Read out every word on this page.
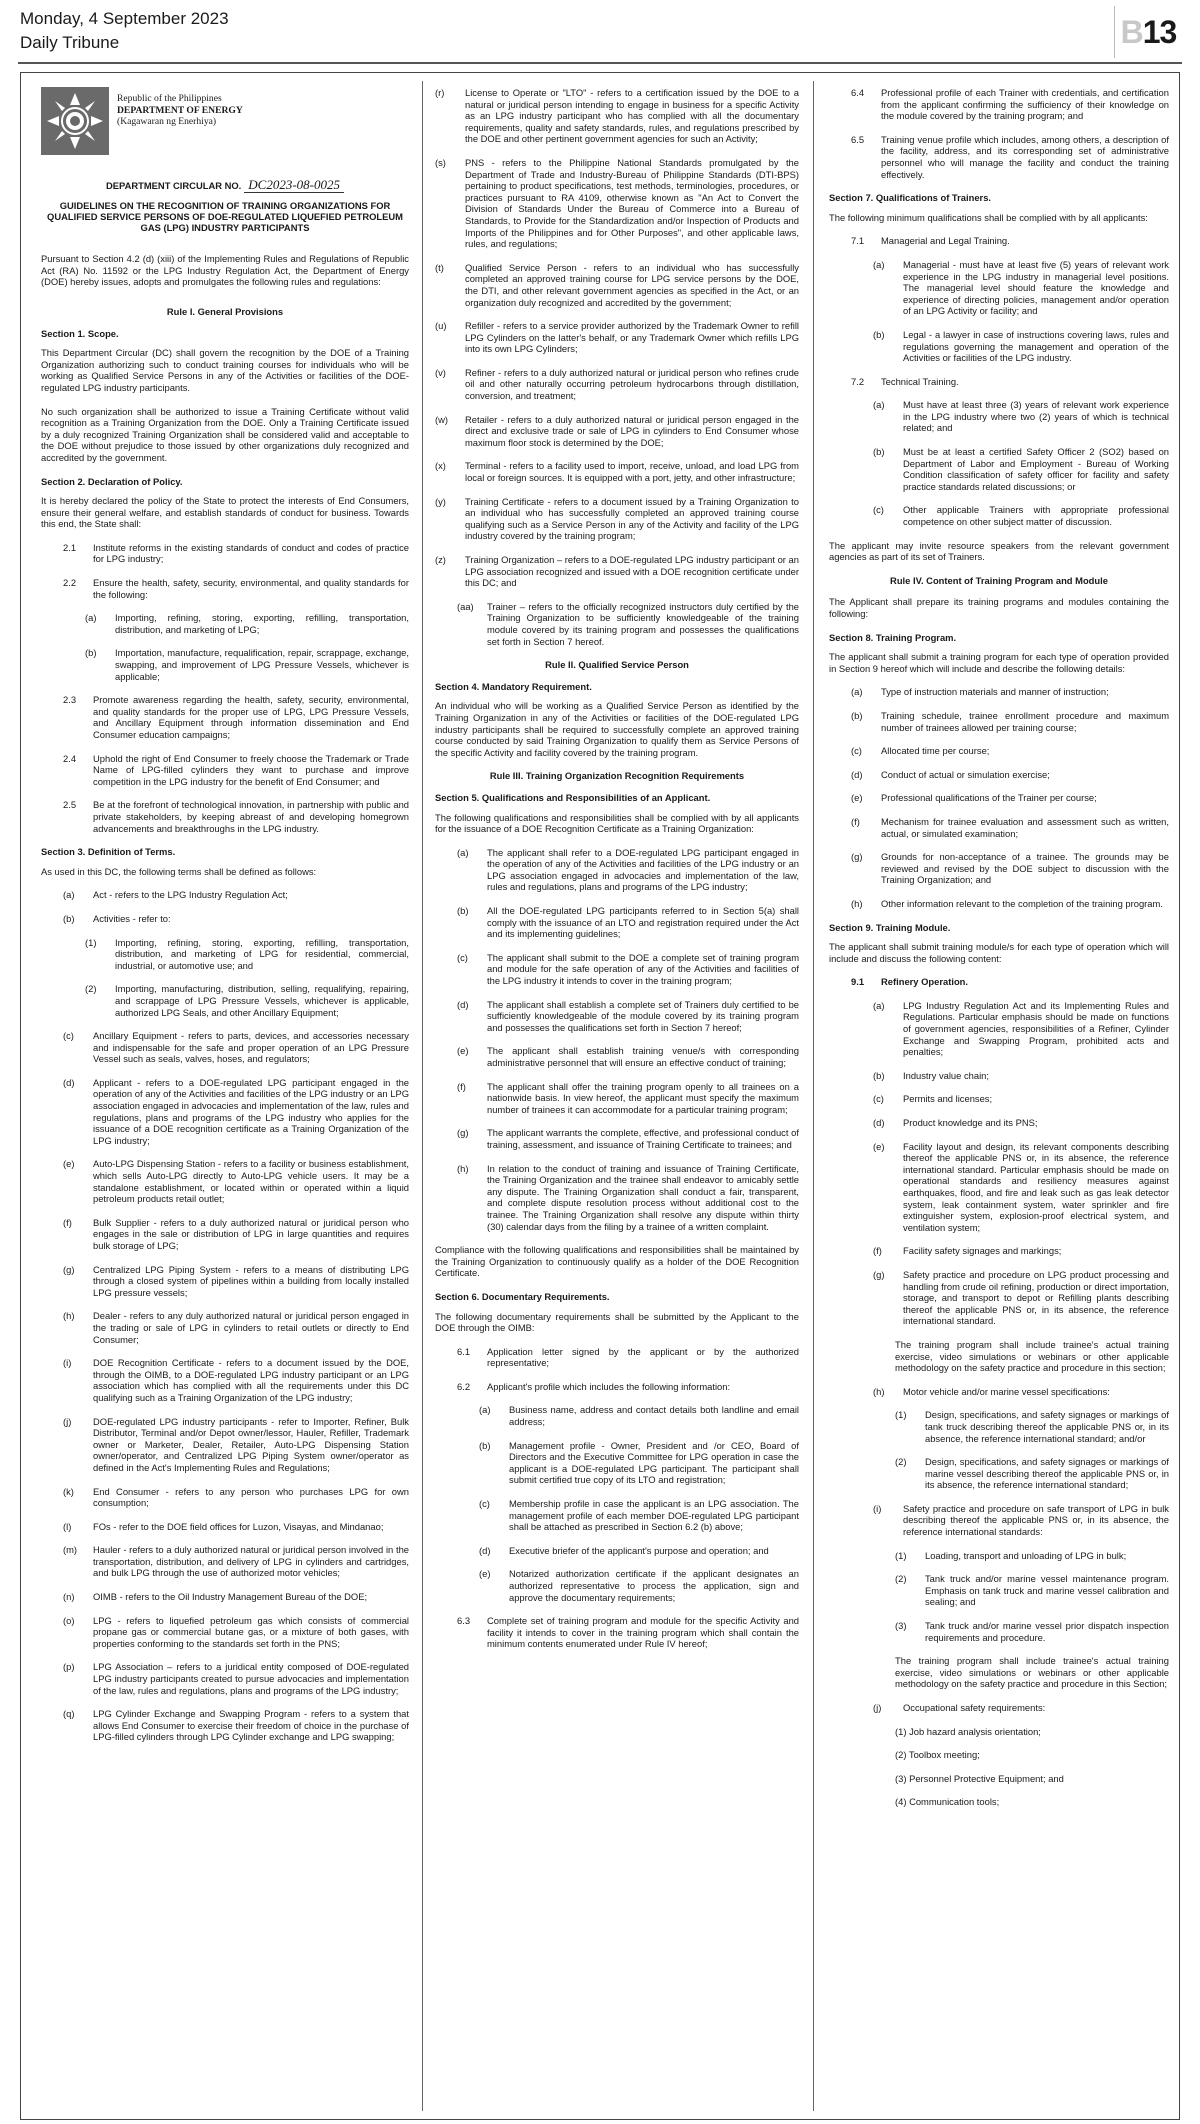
Monday, 4 September 2023
Daily Tribune	B 13
Republic of the Philippines
DEPARTMENT OF ENERGY
(Kagawaran ng Enerhiya)
DEPARTMENT CIRCULAR NO. DC2023-08-0025
GUIDELINES ON THE RECOGNITION OF TRAINING ORGANIZATIONS FOR QUALIFIED SERVICE PERSONS OF DOE-REGULATED LIQUEFIED PETROLEUM GAS (LPG) INDUSTRY PARTICIPANTS
Pursuant to Section 4.2 (d) (xiii) of the Implementing Rules and Regulations of Republic Act (RA) No. 11592 or the LPG Industry Regulation Act, the Department of Energy (DOE) hereby issues, adopts and promulgates the following rules and regulations:
Rule I. General Provisions
Section 1. Scope.
This Department Circular (DC) shall govern the recognition by the DOE of a Training Organization authorizing such to conduct training courses for individuals who will be working as Qualified Service Persons in any of the Activities or facilities of the DOE-regulated LPG industry participants.
No such organization shall be authorized to issue a Training Certificate without valid recognition as a Training Organization from the DOE. Only a Training Certificate issued by a duly recognized Training Organization shall be considered valid and acceptable to the DOE without prejudice to those issued by other organizations duly recognized and accredited by the government.
Section 2. Declaration of Policy.
It is hereby declared the policy of the State to protect the interests of End Consumers, ensure their general welfare, and establish standards of conduct for business. Towards this end, the State shall:
2.1 Institute reforms in the existing standards of conduct and codes of practice for LPG industry;
2.2 Ensure the health, safety, security, environmental, and quality standards for the following:
(a) Importing, refining, storing, exporting, refilling, transportation, distribution, and marketing of LPG;
(b) Importation, manufacture, requalification, repair, scrappage, exchange, swapping, and improvement of LPG Pressure Vessels, whichever is applicable;
2.3 Promote awareness regarding the health, safety, security, environmental, and quality standards for the proper use of LPG, LPG Pressure Vessels, and Ancillary Equipment through information dissemination and End Consumer education campaigns;
2.4 Uphold the right of End Consumer to freely choose the Trademark or Trade Name of LPG-filled cylinders they want to purchase and improve competition in the LPG industry for the benefit of End Consumer; and
2.5 Be at the forefront of technological innovation, in partnership with public and private stakeholders, by keeping abreast of and developing homegrown advancements and breakthroughs in the LPG industry.
Section 3. Definition of Terms.
As used in this DC, the following terms shall be defined as follows:
(a) Act - refers to the LPG Industry Regulation Act;
(b) Activities - refer to:
(1) Importing, refining, storing, exporting, refilling, transportation, distribution, and marketing of LPG for residential, commercial, industrial, or automotive use; and
(2) Importing, manufacturing, distribution, selling, requalifying, repairing, and scrappage of LPG Pressure Vessels, whichever is applicable, authorized LPG Seals, and other Ancillary Equipment;
(c) Ancillary Equipment - refers to parts, devices, and accessories necessary and indispensable for the safe and proper operation of an LPG Pressure Vessel such as seals, valves, hoses, and regulators;
(d) Applicant - refers to a DOE-regulated LPG participant engaged in the operation of any of the Activities and facilities of the LPG industry or an LPG association engaged in advocacies and implementation of the law, rules and regulations, plans and programs of the LPG industry who applies for the issuance of a DOE recognition certificate as a Training Organization of the LPG industry;
(e) Auto-LPG Dispensing Station - refers to a facility or business establishment, which sells Auto-LPG directly to Auto-LPG vehicle users. It may be a standalone establishment, or located within or operated within a liquid petroleum products retail outlet;
(f) Bulk Supplier - refers to a duly authorized natural or juridical person who engages in the sale or distribution of LPG in large quantities and requires bulk storage of LPG;
(g) Centralized LPG Piping System - refers to a means of distributing LPG through a closed system of pipelines within a building from locally installed LPG pressure vessels;
(h) Dealer - refers to any duly authorized natural or juridical person engaged in the trading or sale of LPG in cylinders to retail outlets or directly to End Consumer;
(i) DOE Recognition Certificate - refers to a document issued by the DOE, through the OIMB, to a DOE-regulated LPG industry participant or an LPG association which has complied with all the requirements under this DC qualifying such as a Training Organization of the LPG industry;
(j) DOE-regulated LPG industry participants - refer to Importer, Refiner, Bulk Distributor, Terminal and/or Depot owner/lessor, Hauler, Refiller, Trademark owner or Marketer, Dealer, Retailer, Auto-LPG Dispensing Station owner/operator, and Centralized LPG Piping System owner/operator as defined in the Act's Implementing Rules and Regulations;
(k) End Consumer - refers to any person who purchases LPG for own consumption;
(l) FOs - refer to the DOE field offices for Luzon, Visayas, and Mindanao;
(m) Hauler - refers to a duly authorized natural or juridical person involved in the transportation, distribution, and delivery of LPG in cylinders and cartridges, and bulk LPG through the use of authorized motor vehicles;
(n) OIMB - refers to the Oil Industry Management Bureau of the DOE;
(o) LPG - refers to liquefied petroleum gas which consists of commercial propane gas or commercial butane gas, or a mixture of both gases, with properties conforming to the standards set forth in the PNS;
(p) LPG Association – refers to a juridical entity composed of DOE-regulated LPG industry participants created to pursue advocacies and implementation of the law, rules and regulations, plans and programs of the LPG industry;
(q) LPG Cylinder Exchange and Swapping Program - refers to a system that allows End Consumer to exercise their freedom of choice in the purchase of LPG-filled cylinders through LPG Cylinder exchange and LPG swapping;
(r) License to Operate or "LTO" - refers to a certification issued by the DOE to a natural or juridical person intending to engage in business for a specific Activity as an LPG industry participant who has complied with all the documentary requirements, quality and safety standards, rules, and regulations prescribed by the DOE and other pertinent government agencies for such an Activity;
(s) PNS - refers to the Philippine National Standards promulgated by the Department of Trade and Industry-Bureau of Philippine Standards (DTI-BPS) pertaining to product specifications, test methods, terminologies, procedures, or practices pursuant to RA 4109, otherwise known as "An Act to Convert the Division of Standards Under the Bureau of Commerce into a Bureau of Standards, to Provide for the Standardization and/or Inspection of Products and Imports of the Philippines and for Other Purposes", and other applicable laws, rules, and regulations;
(t) Qualified Service Person - refers to an individual who has successfully completed an approved training course for LPG service persons by the DOE, the DTI, and other relevant government agencies as specified in the Act, or an organization duly recognized and accredited by the government;
(u) Refiller - refers to a service provider authorized by the Trademark Owner to refill LPG Cylinders on the latter's behalf, or any Trademark Owner which refills LPG into its own LPG Cylinders;
(v) Refiner - refers to a duly authorized natural or juridical person who refines crude oil and other naturally occurring petroleum hydrocarbons through distillation, conversion, and treatment;
(w) Retailer - refers to a duly authorized natural or juridical person engaged in the direct and exclusive trade or sale of LPG in cylinders to End Consumer whose maximum floor stock is determined by the DOE;
(x) Terminal - refers to a facility used to import, receive, unload, and load LPG from local or foreign sources. It is equipped with a port, jetty, and other infrastructure;
(y) Training Certificate - refers to a document issued by a Training Organization to an individual who has successfully completed an approved training course qualifying such as a Service Person in any of the Activity and facility of the LPG industry covered by the training program;
(z) Training Organization – refers to a DOE-regulated LPG industry participant or an LPG association recognized and issued with a DOE recognition certificate under this DC; and
(aa) Trainer – refers to the officially recognized instructors duly certified by the Training Organization to be sufficiently knowledgeable of the training module covered by its training program and possesses the qualifications set forth in Section 7 hereof.
Rule II. Qualified Service Person
Section 4. Mandatory Requirement.
An individual who will be working as a Qualified Service Person as identified by the Training Organization in any of the Activities or facilities of the DOE-regulated LPG industry participants shall be required to successfully complete an approved training course conducted by said Training Organization to qualify them as Service Persons of the specific Activity and facility covered by the training program.
Rule III. Training Organization Recognition Requirements
Section 5. Qualifications and Responsibilities of an Applicant.
The following qualifications and responsibilities shall be complied with by all applicants for the issuance of a DOE Recognition Certificate as a Training Organization:
(a) The applicant shall refer to a DOE-regulated LPG participant engaged in the operation of any of the Activities and facilities of the LPG industry or an LPG association engaged in advocacies and implementation of the law, rules and regulations, plans and programs of the LPG industry;
(b) All the DOE-regulated LPG participants referred to in Section 5(a) shall comply with the issuance of an LTO and registration required under the Act and its implementing guidelines;
(c) The applicant shall submit to the DOE a complete set of training program and module for the safe operation of any of the Activities and facilities of the LPG industry it intends to cover in the training program;
(d) The applicant shall establish a complete set of Trainers duly certified to be sufficiently knowledgeable of the module covered by its training program and possesses the qualifications set forth in Section 7 hereof;
(e) The applicant shall establish training venue/s with corresponding administrative personnel that will ensure an effective conduct of training;
(f) The applicant shall offer the training program openly to all trainees on a nationwide basis. In view hereof, the applicant must specify the maximum number of trainees it can accommodate for a particular training program;
(g) The applicant warrants the complete, effective, and professional conduct of training, assessment, and issuance of Training Certificate to trainees; and
(h) In relation to the conduct of training and issuance of Training Certificate, the Training Organization and the trainee shall endeavor to amicably settle any dispute. The Training Organization shall conduct a fair, transparent, and complete dispute resolution process without additional cost to the trainee. The Training Organization shall resolve any dispute within thirty (30) calendar days from the filing by a trainee of a written complaint.
Compliance with the following qualifications and responsibilities shall be maintained by the Training Organization to continuously qualify as a holder of the DOE Recognition Certificate.
Section 6. Documentary Requirements.
The following documentary requirements shall be submitted by the Applicant to the DOE through the OIMB:
6.1 Application letter signed by the applicant or by the authorized representative;
6.2 Applicant's profile which includes the following information:
(a) Business name, address and contact details both landline and email address;
(b) Management profile - Owner, President and /or CEO, Board of Directors and the Executive Committee for LPG operation in case the applicant is a DOE-regulated LPG participant. The participant shall submit certified true copy of its LTO and registration;
(c) Membership profile in case the applicant is an LPG association. The management profile of each member DOE-regulated LPG participant shall be attached as prescribed in Section 6.2 (b) above;
(d) Executive briefer of the applicant's purpose and operation; and
(e) Notarized authorization certificate if the applicant designates an authorized representative to process the application, sign and approve the documentary requirements;
6.3 Complete set of training program and module for the specific Activity and facility it intends to cover in the training program which shall contain the minimum contents enumerated under Rule IV hereof;
6.4 Professional profile of each Trainer with credentials, and certification from the applicant confirming the sufficiency of their knowledge on the module covered by the training program; and
6.5 Training venue profile which includes, among others, a description of the facility, address, and its corresponding set of administrative personnel who will manage the facility and conduct the training effectively.
Section 7. Qualifications of Trainers.
The following minimum qualifications shall be complied with by all applicants:
7.1 Managerial and Legal Training.
(a) Managerial - must have at least five (5) years of relevant work experience in the LPG industry in managerial level positions. The managerial level should feature the knowledge and experience of directing policies, management and/or operation of an LPG Activity or facility; and
(b) Legal - a lawyer in case of instructions covering laws, rules and regulations governing the management and operation of the Activities or facilities of the LPG industry.
7.2 Technical Training.
(a) Must have at least three (3) years of relevant work experience in the LPG industry where two (2) years of which is technical related; and
(b) Must be at least a certified Safety Officer 2 (SO2) based on Department of Labor and Employment - Bureau of Working Condition classification of safety officer for facility and safety practice standards related discussions; or
(c) Other applicable Trainers with appropriate professional competence on other subject matter of discussion.
The applicant may invite resource speakers from the relevant government agencies as part of its set of Trainers.
Rule IV. Content of Training Program and Module
The Applicant shall prepare its training programs and modules containing the following:
Section 8. Training Program.
The applicant shall submit a training program for each type of operation provided in Section 9 hereof which will include and describe the following details:
(a) Type of instruction materials and manner of instruction;
(b) Training schedule, trainee enrollment procedure and maximum number of trainees allowed per training course;
(c) Allocated time per course;
(d) Conduct of actual or simulation exercise;
(e) Professional qualifications of the Trainer per course;
(f) Mechanism for trainee evaluation and assessment such as written, actual, or simulated examination;
(g) Grounds for non-acceptance of a trainee. The grounds may be reviewed and revised by the DOE subject to discussion with the Training Organization; and
(h) Other information relevant to the completion of the training program.
Section 9. Training Module.
The applicant shall submit training module/s for each type of operation which will include and discuss the following content:
9.1 Refinery Operation.
(a) LPG Industry Regulation Act and its Implementing Rules and Regulations. Particular emphasis should be made on functions of government agencies, responsibilities of a Refiner, Cylinder Exchange and Swapping Program, prohibited acts and penalties;
(b) Industry value chain;
(c) Permits and licenses;
(d) Product knowledge and its PNS;
(e) Facility layout and design, its relevant components describing thereof the applicable PNS or, in its absence, the reference international standard. Particular emphasis should be made on operational standards and resiliency measures against earthquakes, flood, and fire and leak such as gas leak detector system, leak containment system, water sprinkler and fire extinguisher system, explosion-proof electrical system, and ventilation system;
(f) Facility safety signages and markings;
(g) Safety practice and procedure on LPG product processing and handling from crude oil refining, production or direct importation, storage, and transport to depot or Refilling plants describing thereof the applicable PNS or, in its absence, the reference international standard.
The training program shall include trainee's actual training exercise, video simulations or webinars or other applicable methodology on the safety practice and procedure in this section;
(h) Motor vehicle and/or marine vessel specifications:
(1) Design, specifications, and safety signages or markings of tank truck describing thereof the applicable PNS or, in its absence, the reference international standard; and/or
(2) Design, specifications, and safety signages or markings of marine vessel describing thereof the applicable PNS or, in its absence, the reference international standard;
(i) Safety practice and procedure on safe transport of LPG in bulk describing thereof the applicable PNS or, in its absence, the reference international standards:
(1) Loading, transport and unloading of LPG in bulk;
(2) Tank truck and/or marine vessel maintenance program. Emphasis on tank truck and marine vessel calibration and sealing; and
(3) Tank truck and/or marine vessel prior dispatch inspection requirements and procedure.
The training program shall include trainee's actual training exercise, video simulations or webinars or other applicable methodology on the safety practice and procedure in this Section;
(j) Occupational safety requirements:
(1) Job hazard analysis orientation;
(2) Toolbox meeting;
(3) Personnel Protective Equipment; and
(4) Communication tools;
